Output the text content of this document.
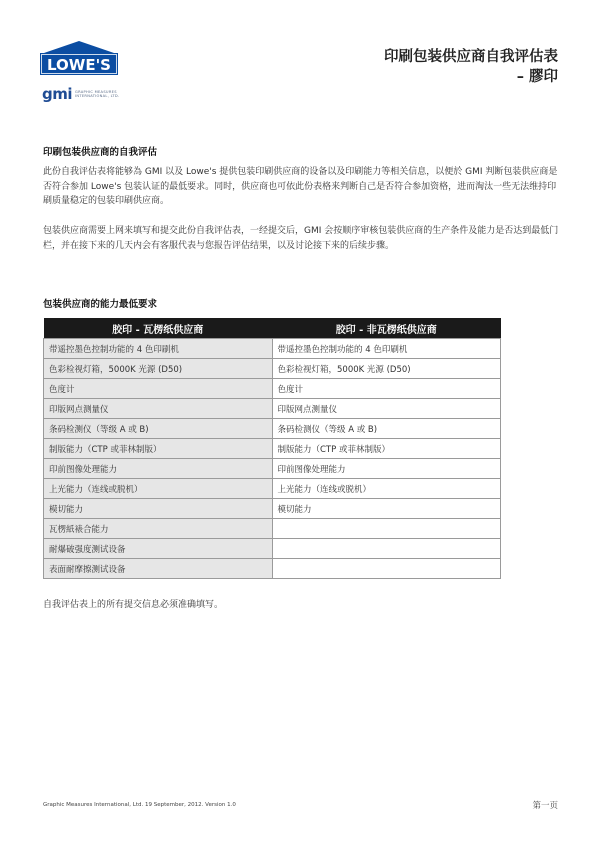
LOWE'S
gmi GRAPHIC MEASURES INTERNATIONAL, LTD.
印刷包装供应商自我评估表
– 膠印
印刷包装供应商的自我评估

此份自我评估表将能够為 GMI 以及 Lowe's 提供包装印刷供应商的设备以及印刷能力等相关信息，以便於 GMI 判断包装供应商是否符合参加 Lowe's 包装认证的最低要求。同时，供应商也可依此份表格来判断自己是否符合参加资格，进而淘汰一些无法维持印刷质量稳定的包装印刷供应商。

包装供应商需要上网来填写和提交此份自我评估表，一经提交后，GMI 会按顺序审核包装供应商的生产条件及能力是否达到最低门栏，并在接下来的几天内会有客服代表与您报告评估结果，以及讨论接下来的后续步骤。

包装供应商的能力最低要求
胶印 - 瓦楞纸供应商	胶印 - 非瓦楞纸供应商
带遥控墨色控制功能的 4 色印刷机	带遥控墨色控制功能的 4 色印刷机
色彩检视灯箱，5000K 光源 (D50)	色彩检视灯箱，5000K 光源 (D50)
色度计	色度计
印版网点测量仪	印版网点测量仪
条码检测仪（等级 A 或 B)	条码检测仪（等级 A 或 B)
制版能力（CTP 或菲林制版）	制版能力（CTP 或菲林制版）
印前图像处理能力	印前图像处理能力
上光能力（连线或脱机）	上光能力（连线或脱机）
模切能力	模切能力
瓦楞紙裱合能力	
耐爆破强度测试设备	
表面耐摩擦测试设备	
自我评估表上的所有提交信息必须准确填写。
Graphic Measures International, Ltd. 19 September, 2012. Version 1.0	第一页
